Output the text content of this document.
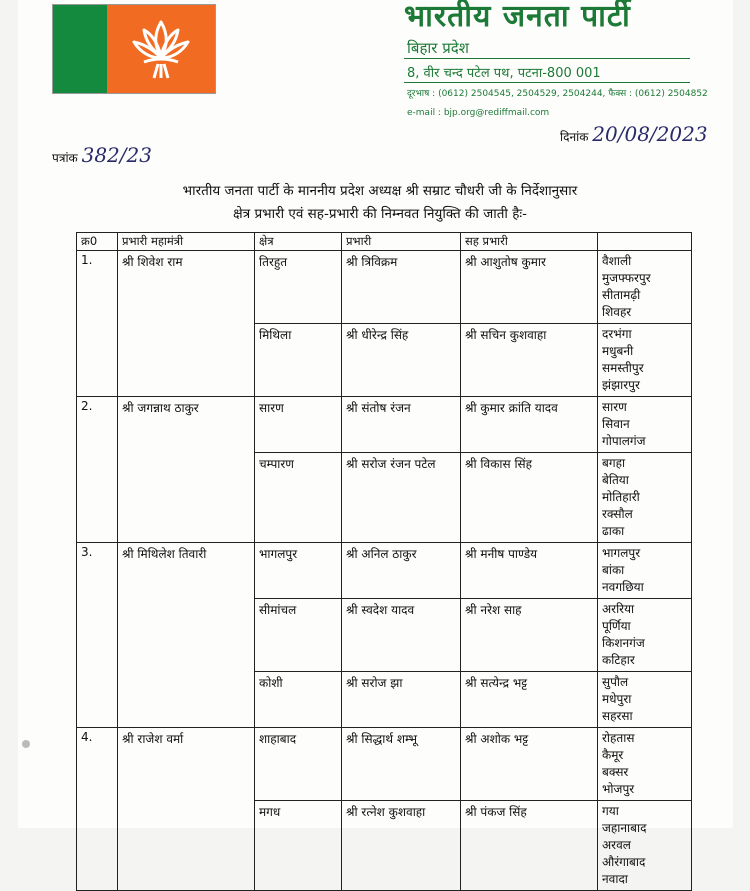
भारतीय जनता पार्टी
बिहार प्रदेश
8, वीर चन्द पटेल पथ, पटना-800 001
दूरभाष : (0612) 2504545, 2504529, 2504244, फैक्स : (0612) 2504852
e-mail : bjp.org@rediffmail.com
पत्रांक 382/23
दिनांक 20/08/2023
भारतीय जनता पार्टी के माननीय प्रदेश अध्यक्ष श्री सम्राट चौधरी जी के निर्देशानुसार
क्षेत्र प्रभारी एवं सह-प्रभारी की निम्नवत नियुक्ति की जाती हैः-
क्र0	प्रभारी महामंत्री	क्षेत्र	प्रभारी	सह प्रभारी	
1.	श्री शिवेश राम	तिरहुत	श्री त्रिविक्रम	श्री आशुतोष कुमार	वैशाली
मुजफ्फरपुर
सीतामढ़ी
शिवहर

		मिथिला	श्री धीरेन्द्र सिंह	श्री सचिन कुशवाहा	दरभंगा
मधुबनी
समस्तीपुर
झंझारपुर

2.	श्री जगन्नाथ ठाकुर	सारण	श्री संतोष रंजन	श्री कुमार क्रांति यादव	सारण
सिवान
गोपालगंज

		चम्पारण	श्री सरोज रंजन पटेल	श्री विकास सिंह	बगहा
बेतिया
मोतिहारी
रक्सौल
ढाका

3.	श्री मिथिलेश तिवारी	भागलपुर	श्री अनिल ठाकुर	श्री मनीष पाण्डेय	भागलपुर
बांका
नवगछिया

		सीमांचल	श्री स्वदेश यादव	श्री नरेश साह	अररिया
पूर्णिया
किशनगंज
कटिहार

		कोशी	श्री सरोज झा	श्री सत्येन्द्र भट्ट	सुपौल
मधेपुरा
सहरसा

4.	श्री राजेश वर्मा	शाहाबाद	श्री सिद्धार्थ शम्भू	श्री अशोक भट्ट	रोहतास
कैमूर
बक्सर
भोजपुर

		मगध	श्री रत्नेश कुशवाहा	श्री पंकज सिंह	गया
जहानाबाद
अरवल
औरंगाबाद
नवादा
